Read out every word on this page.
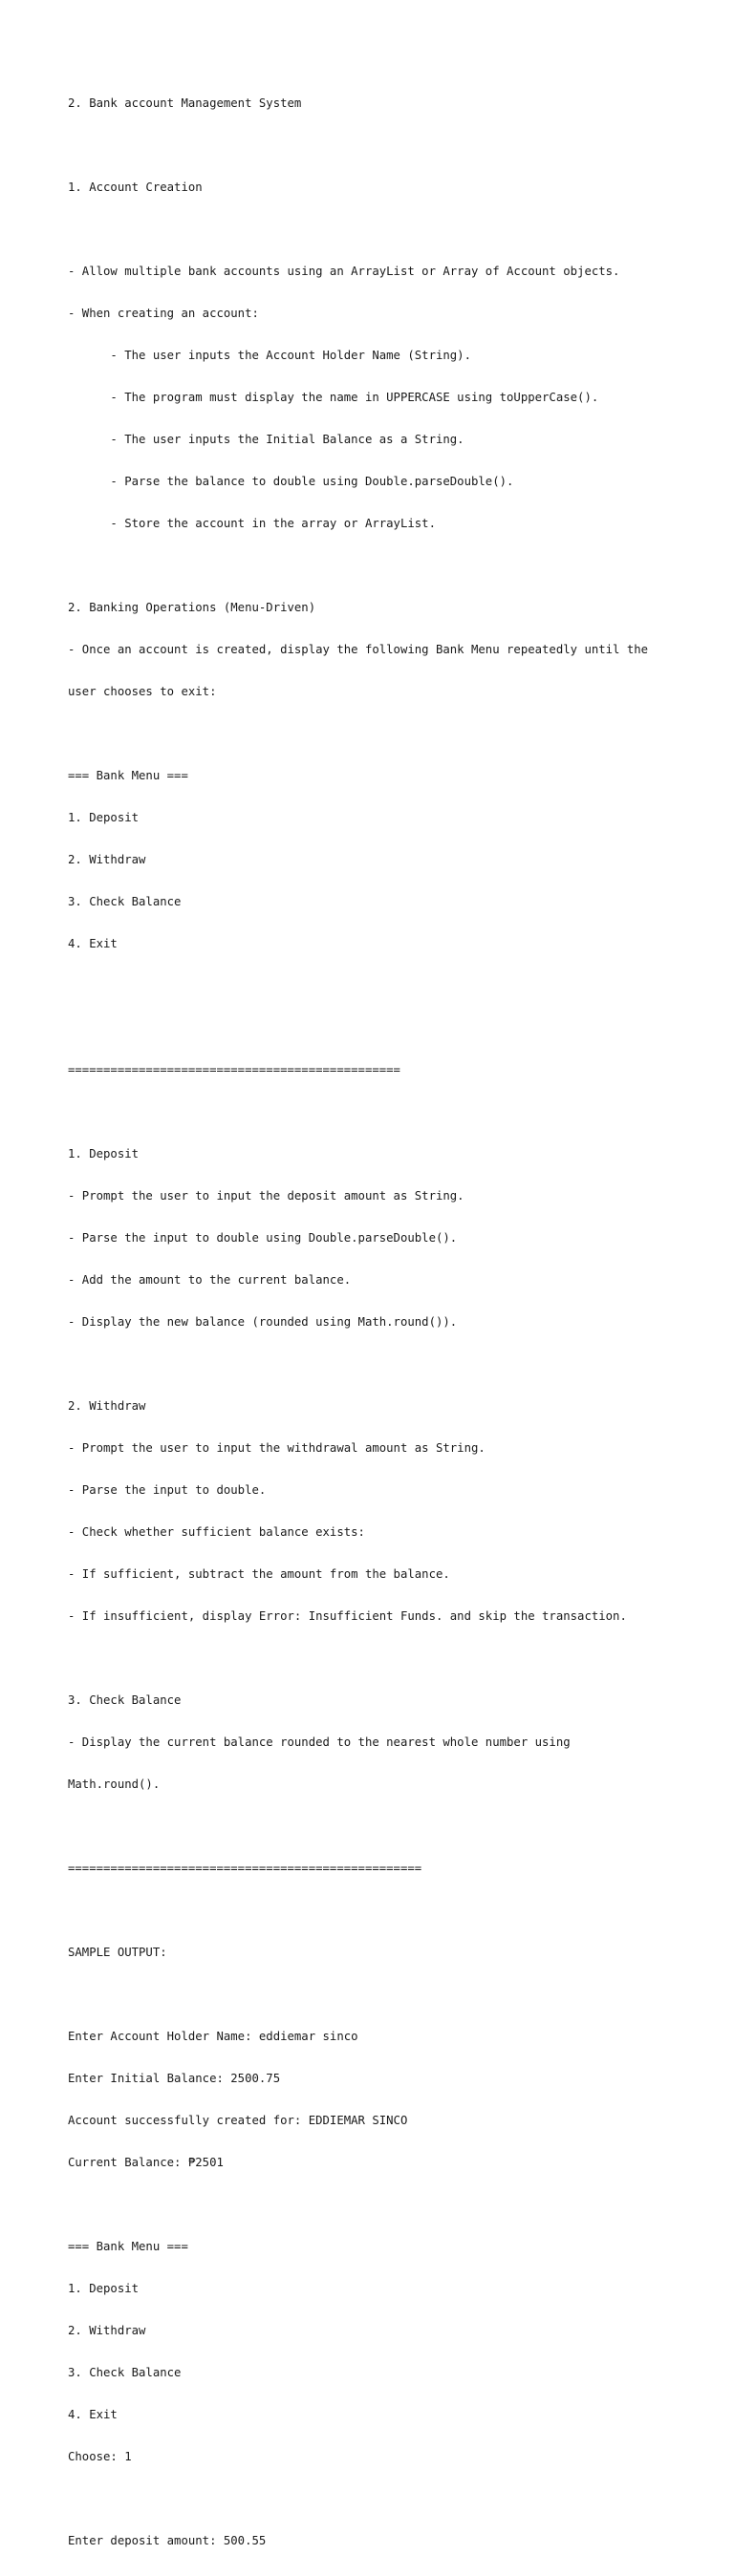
2. Bank account Management System

1. Account Creation

- Allow multiple bank accounts using an ArrayList or Array of Account objects.

- When creating an account:

- The user inputs the Account Holder Name (String).

- The program must display the name in UPPERCASE using toUpperCase().

- The user inputs the Initial Balance as a String.

- Parse the balance to double using Double.parseDouble().

- Store the account in the array or ArrayList.

2. Banking Operations (Menu-Driven)

- Once an account is created, display the following Bank Menu repeatedly until the

user chooses to exit:

=== Bank Menu ===

1. Deposit

2. Withdraw

3. Check Balance

4. Exit

===============================================

1. Deposit

- Prompt the user to input the deposit amount as String.

- Parse the input to double using Double.parseDouble().

- Add the amount to the current balance.

- Display the new balance (rounded using Math.round()).

2. Withdraw

- Prompt the user to input the withdrawal amount as String.

- Parse the input to double.

- Check whether sufficient balance exists:

- If sufficient, subtract the amount from the balance.

- If insufficient, display Error: Insufficient Funds. and skip the transaction.

3. Check Balance

- Display the current balance rounded to the nearest whole number using

Math.round().

==================================================

SAMPLE OUTPUT:

Enter Account Holder Name: eddiemar sinco

Enter Initial Balance: 2500.75

Account successfully created for: EDDIEMAR SINCO

Current Balance: ₱2501

=== Bank Menu ===

1. Deposit

2. Withdraw

3. Check Balance

4. Exit

Choose: 1

Enter deposit amount: 500.55
